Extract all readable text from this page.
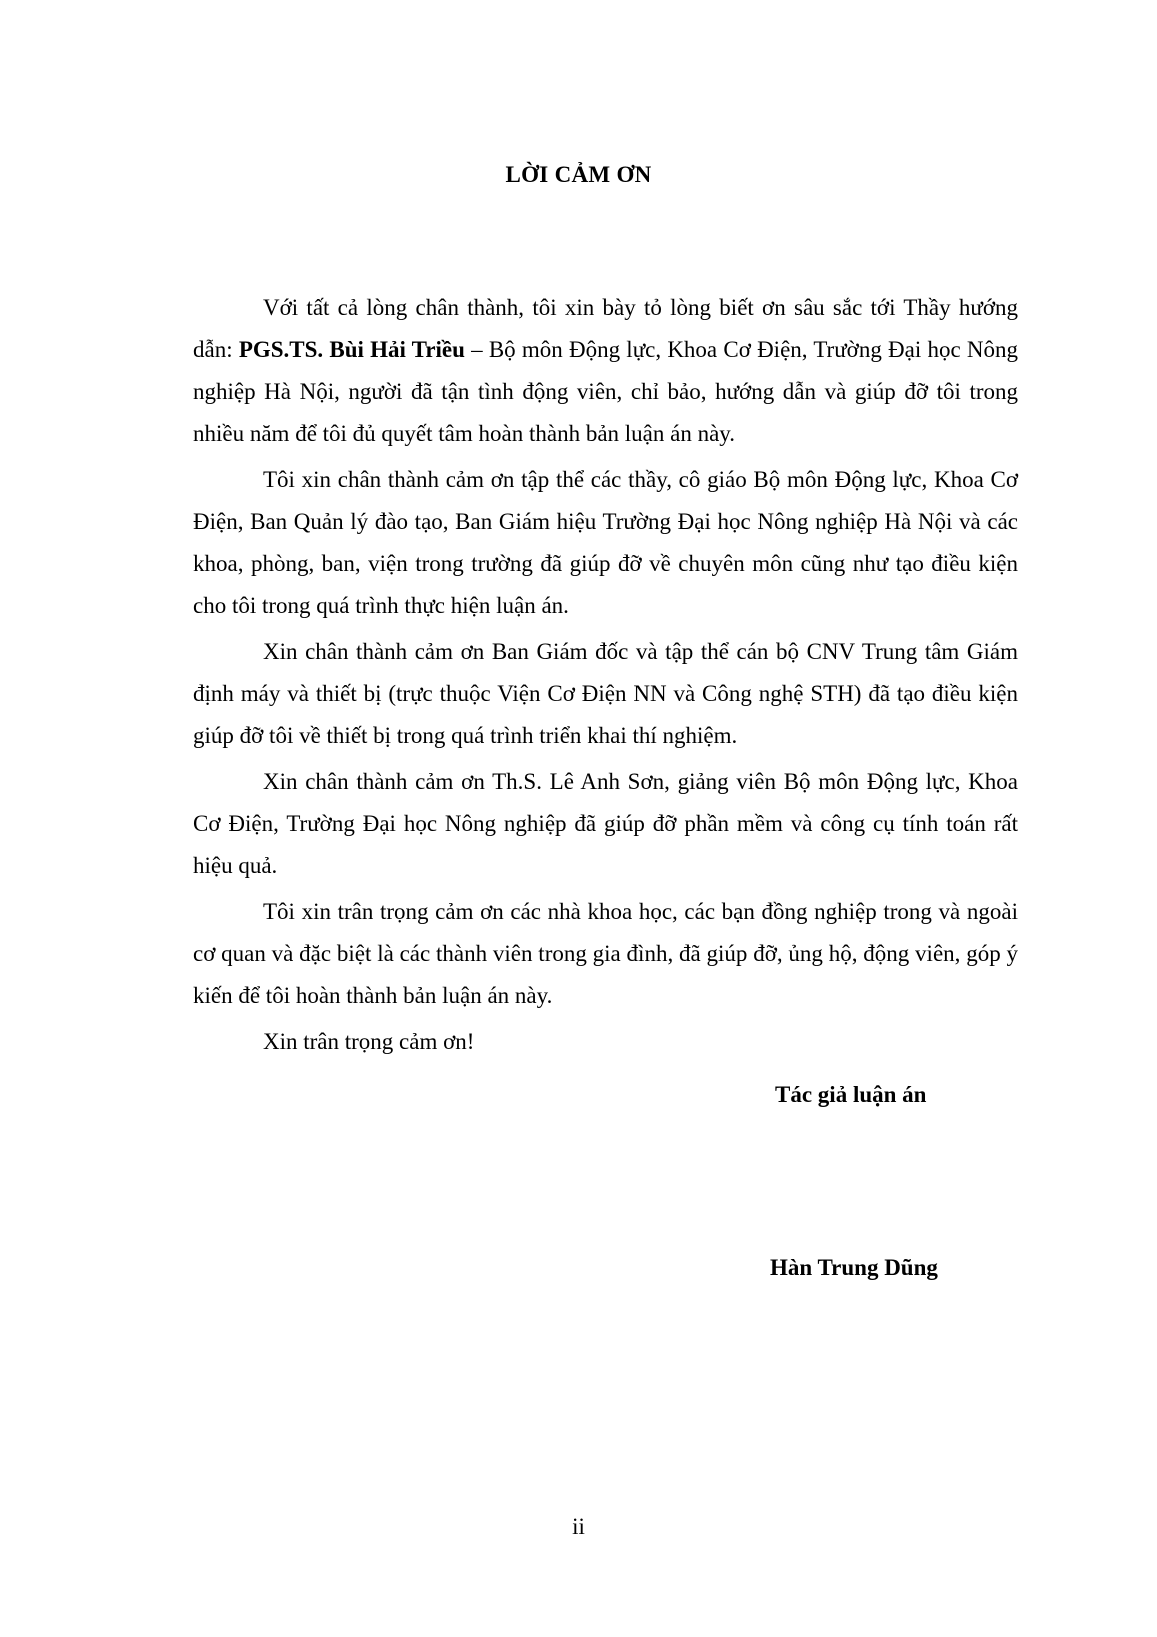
LỜI CẢM ƠN

Với tất cả lòng chân thành, tôi xin bày tỏ lòng biết ơn sâu sắc tới Thầy hướng dẫn: PGS.TS. Bùi Hải Triều – Bộ môn Động lực, Khoa Cơ Điện, Trường Đại học Nông nghiệp Hà Nội, người đã tận tình động viên, chỉ bảo, hướng dẫn và giúp đỡ tôi trong nhiều năm để tôi đủ quyết tâm hoàn thành bản luận án này.

Tôi xin chân thành cảm ơn tập thể các thầy, cô giáo Bộ môn Động lực, Khoa Cơ Điện, Ban Quản lý đào tạo, Ban Giám hiệu Trường Đại học Nông nghiệp Hà Nội và các khoa, phòng, ban, viện trong trường đã giúp đỡ về chuyên môn cũng như tạo điều kiện cho tôi trong quá trình thực hiện luận án.

Xin chân thành cảm ơn Ban Giám đốc và tập thể cán bộ CNV Trung tâm Giám định máy và thiết bị (trực thuộc Viện Cơ Điện NN và Công nghệ STH) đã tạo điều kiện giúp đỡ tôi về thiết bị trong quá trình triển khai thí nghiệm.

Xin chân thành cảm ơn Th.S. Lê Anh Sơn, giảng viên Bộ môn Động lực, Khoa Cơ Điện, Trường Đại học Nông nghiệp đã giúp đỡ phần mềm và công cụ tính toán rất hiệu quả.

Tôi xin trân trọng cảm ơn các nhà khoa học, các bạn đồng nghiệp trong và ngoài cơ quan và đặc biệt là các thành viên trong gia đình, đã giúp đỡ, ủng hộ, động viên, góp ý kiến để tôi hoàn thành bản luận án này.

Xin trân trọng cảm ơn!

Tác giả luận án
Hàn Trung Dũng
ii
